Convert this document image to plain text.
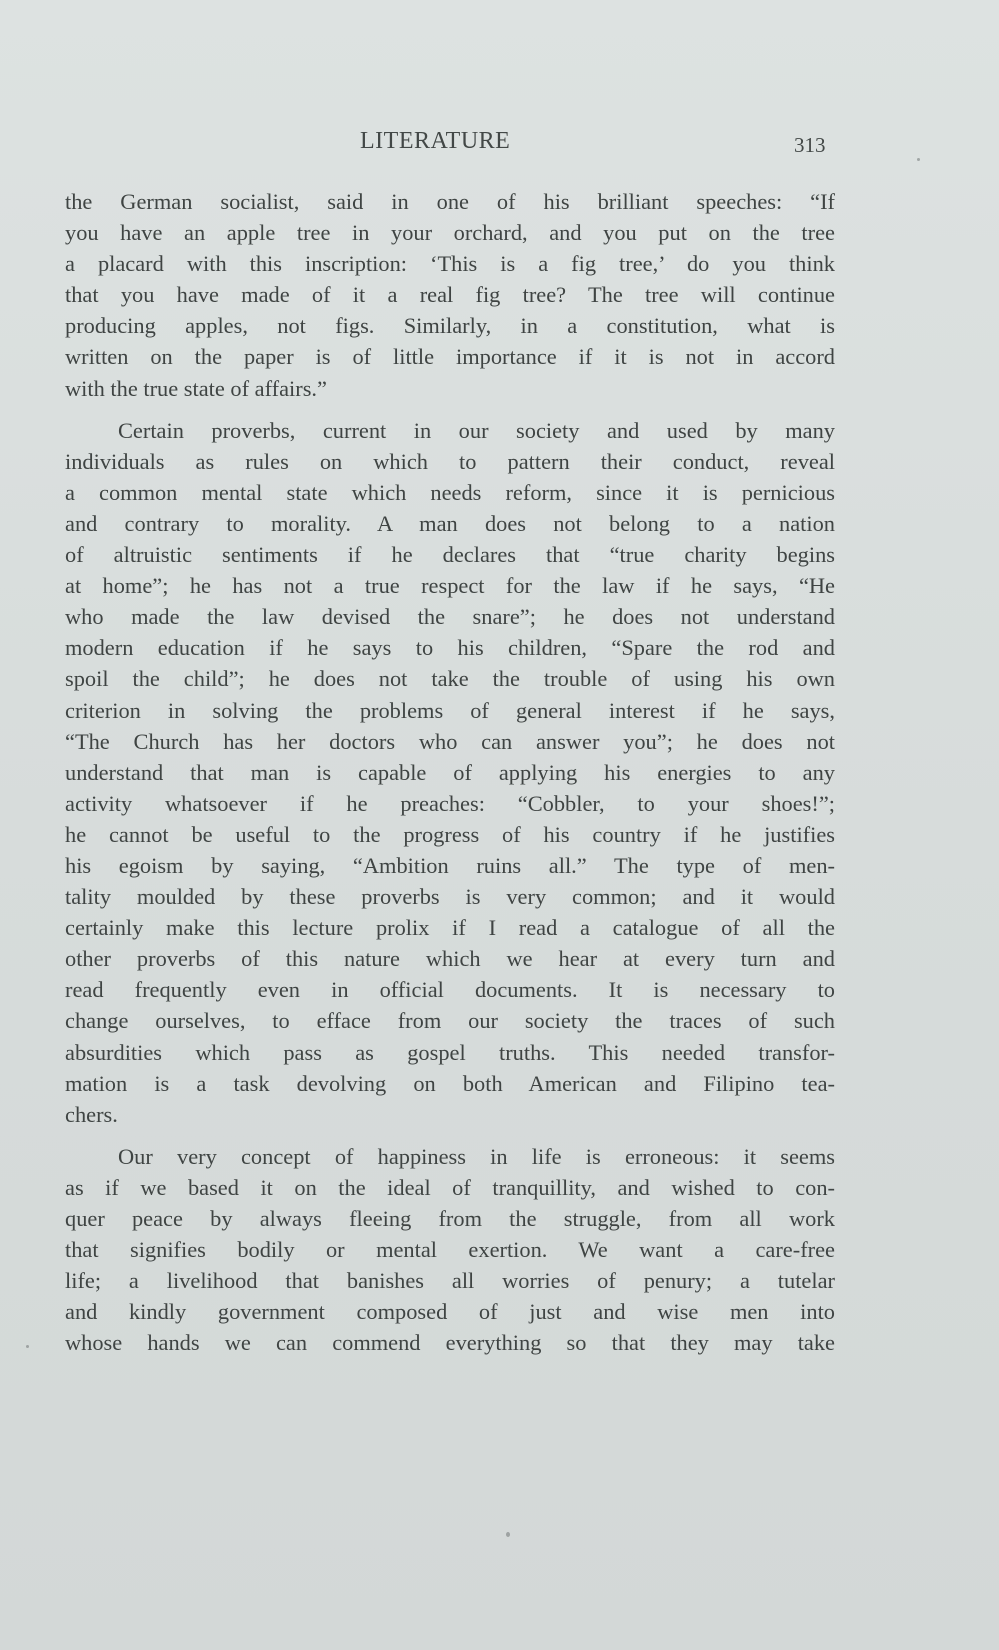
LITERATURE	313
the German socialist, said in one of his brilliant speeches: “If
you have an apple tree in your orchard, and you put on the tree
a placard with this inscription: ‘This is a fig tree,’ do you think
that you have made of it a real fig tree? The tree will continue
producing apples, not figs. Similarly, in a constitution, what is
written on the paper is of little importance if it is not in accord
with the true state of affairs.”
Certain proverbs, current in our society and used by many
individuals as rules on which to pattern their conduct, reveal
a common mental state which needs reform, since it is pernicious
and contrary to morality. A man does not belong to a nation
of altruistic sentiments if he declares that “true charity begins
at home”; he has not a true respect for the law if he says, “He
who made the law devised the snare”; he does not understand
modern education if he says to his children, “Spare the rod and
spoil the child”; he does not take the trouble of using his own
criterion in solving the problems of general interest if he says,
“The Church has her doctors who can answer you”; he does not
understand that man is capable of applying his energies to any
activity whatsoever if he preaches: “Cobbler, to your shoes!”;
he cannot be useful to the progress of his country if he justifies
his egoism by saying, “Ambition ruins all.” The type of men-
tality moulded by these proverbs is very common; and it would
certainly make this lecture prolix if I read a catalogue of all the
other proverbs of this nature which we hear at every turn and
read frequently even in official documents. It is necessary to
change ourselves, to efface from our society the traces of such
absurdities which pass as gospel truths. This needed transfor-
mation is a task devolving on both American and Filipino tea-
chers.
Our very concept of happiness in life is erroneous: it seems
as if we based it on the ideal of tranquillity, and wished to con-
quer peace by always fleeing from the struggle, from all work
that signifies bodily or mental exertion. We want a care-free
life; a livelihood that banishes all worries of penury; a tutelar
and kindly government composed of just and wise men into
whose hands we can commend everything so that they may take
